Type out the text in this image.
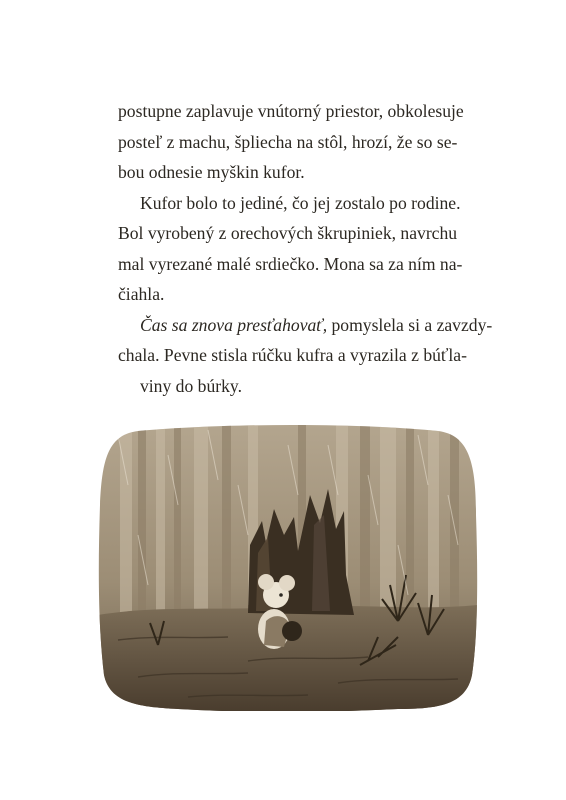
postupne zaplavuje vnútorný priestor, obkolesuje
posteľ z machu, špliecha na stôl, hrozí, že so se-
bou odnesie myškin kufor.
Kufor bolo to jediné, čo jej zostalo po rodine.
Bol vyrobený z orechových škrupiniek, navrchu
mal vyrezané malé srdiečko. Mona sa za ním na-
čiahla.
Čas sa znova presťahovať, pomyslela si a zavzdy-
chala. Pevne stisla rúčku kufra a vyrazila z búťla-
viny do búrky.
